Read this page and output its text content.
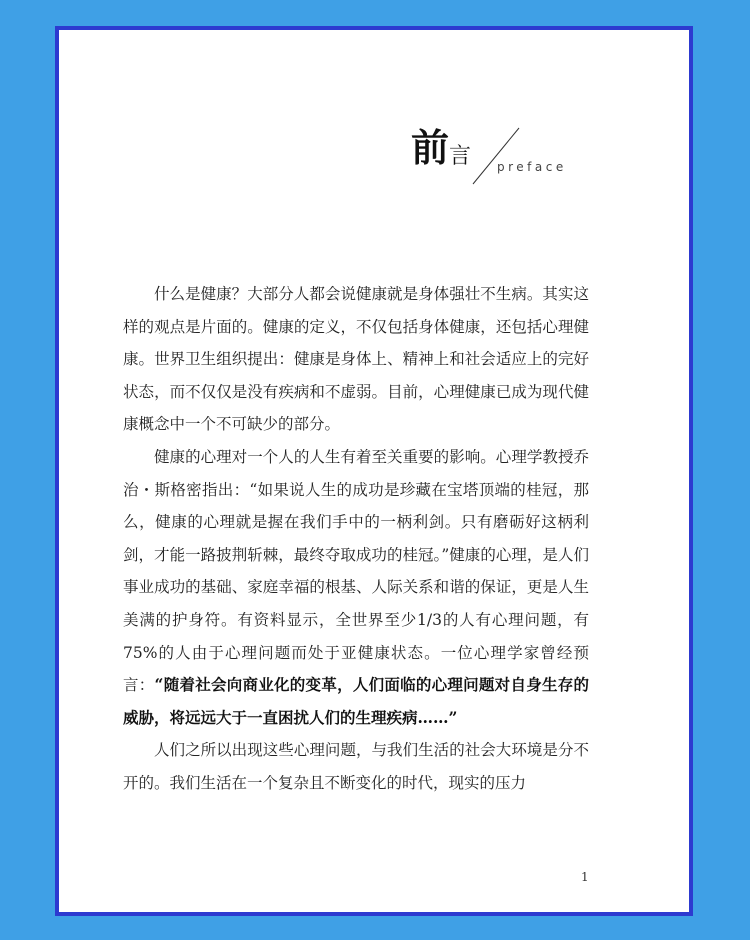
前 言 preface

什么是健康？大部分人都会说健康就是身体强壮不生病。其实这样的观点是片面的。健康的定义，不仅包括身体健康，还包括心理健康。世界卫生组织提出：健康是身体上、精神上和社会适应上的完好状态，而不仅仅是没有疾病和不虚弱。目前，心理健康已成为现代健康概念中一个不可缺少的部分。

健康的心理对一个人的人生有着至关重要的影响。心理学教授乔治・斯格密指出：“如果说人生的成功是珍藏在宝塔顶端的桂冠，那么，健康的心理就是握在我们手中的一柄利剑。只有磨砺好这柄利剑，才能一路披荆斩棘，最终夺取成功的桂冠。”健康的心理，是人们事业成功的基础、家庭幸福的根基、人际关系和谐的保证，更是人生美满的护身符。有资料显示，全世界至少1/3的人有心理问题，有75%的人由于心理问题而处于亚健康状态。一位心理学家曾经预言：“随着社会向商业化的变革，人们面临的心理问题对自身生存的威胁，将远远大于一直困扰人们的生理疾病……”

人们之所以出现这些心理问题，与我们生活的社会大环境是分不开的。我们生活在一个复杂且不断变化的时代，现实的压力

1
